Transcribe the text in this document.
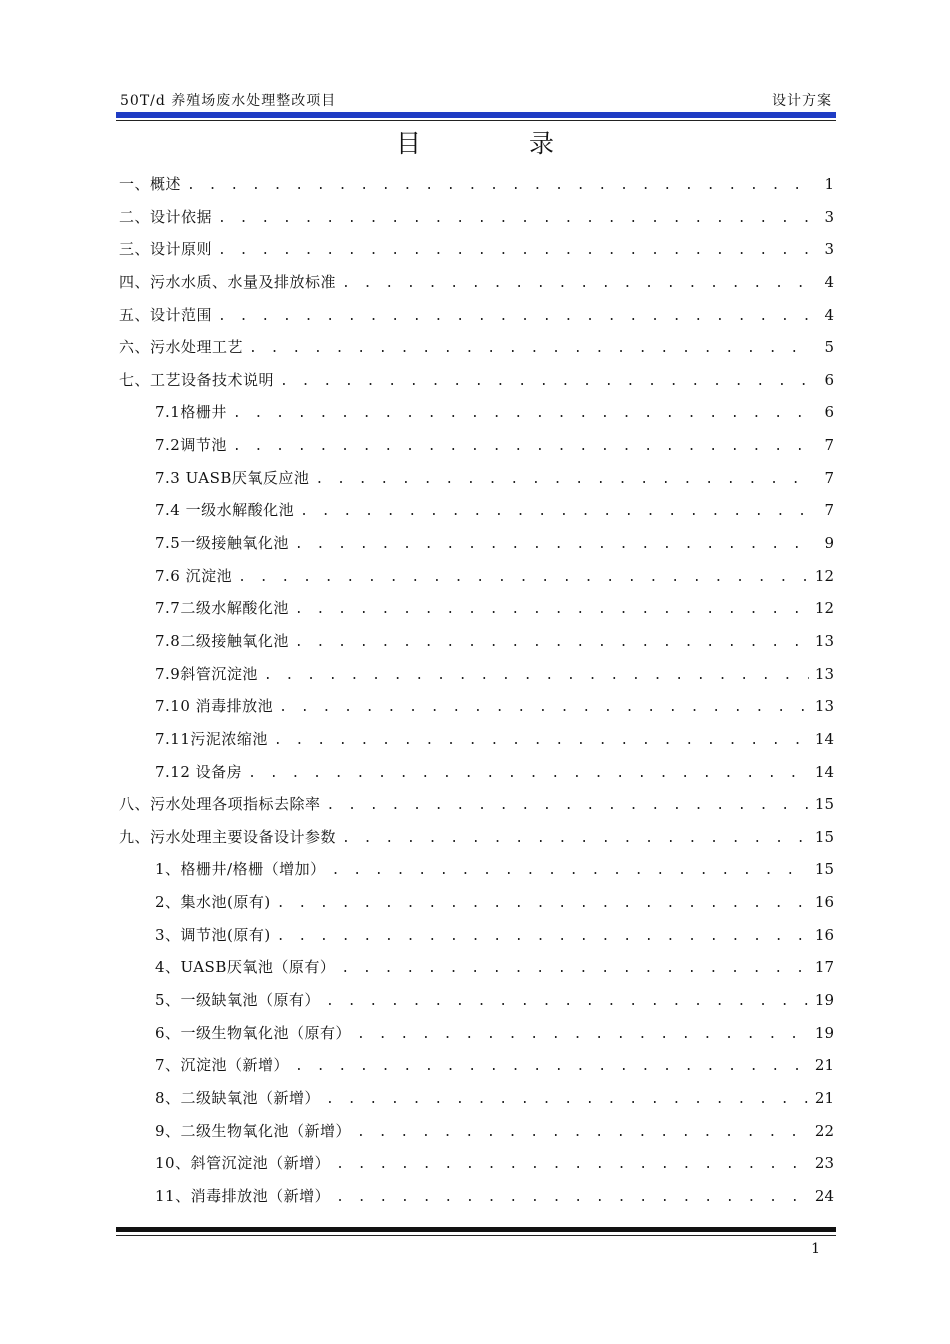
50T/d 养殖场废水处理整改项目	设计方案
目 录
一、概述 . . .	1
二、设计依据 . . .	3
三、设计原则 . . .	3
四、污水水质、水量及排放标准 . . .	4
五、设计范围 . . .	4
六、污水处理工艺 . . .	5
七、工艺设备技术说明 . . .	6
7.1格栅井 . . .	6
7.2调节池 . . .	7
7.3 UASB厌氧反应池 . . .	7
7.4 一级水解酸化池 . . .	7
7.5一级接触氧化池 . . .	9
7.6 沉淀池 . . .	12
7.7二级水解酸化池 . . .	12
7.8二级接触氧化池 . . .	13
7.9斜管沉淀池 . . .	13
7.10 消毒排放池 . . .	13
7.11污泥浓缩池 . . .	14
7.12 设备房 . . .	14
八、污水处理各项指标去除率 . . .	15
九、污水处理主要设备设计参数 . . .	15
1、格栅井/格栅（增加） . . .	15
2、集水池(原有) . . .	16
3、调节池(原有) . . .	16
4、UASB厌氧池（原有） . . .	17
5、一级缺氧池（原有） . . .	19
6、一级生物氧化池（原有） . . .	19
7、沉淀池（新增） . . .	21
8、二级缺氧池（新增） . . .	21
9、二级生物氧化池（新增） . . .	22
10、斜管沉淀池（新增） . . .	23
11、消毒排放池（新增） . . .	24
1
